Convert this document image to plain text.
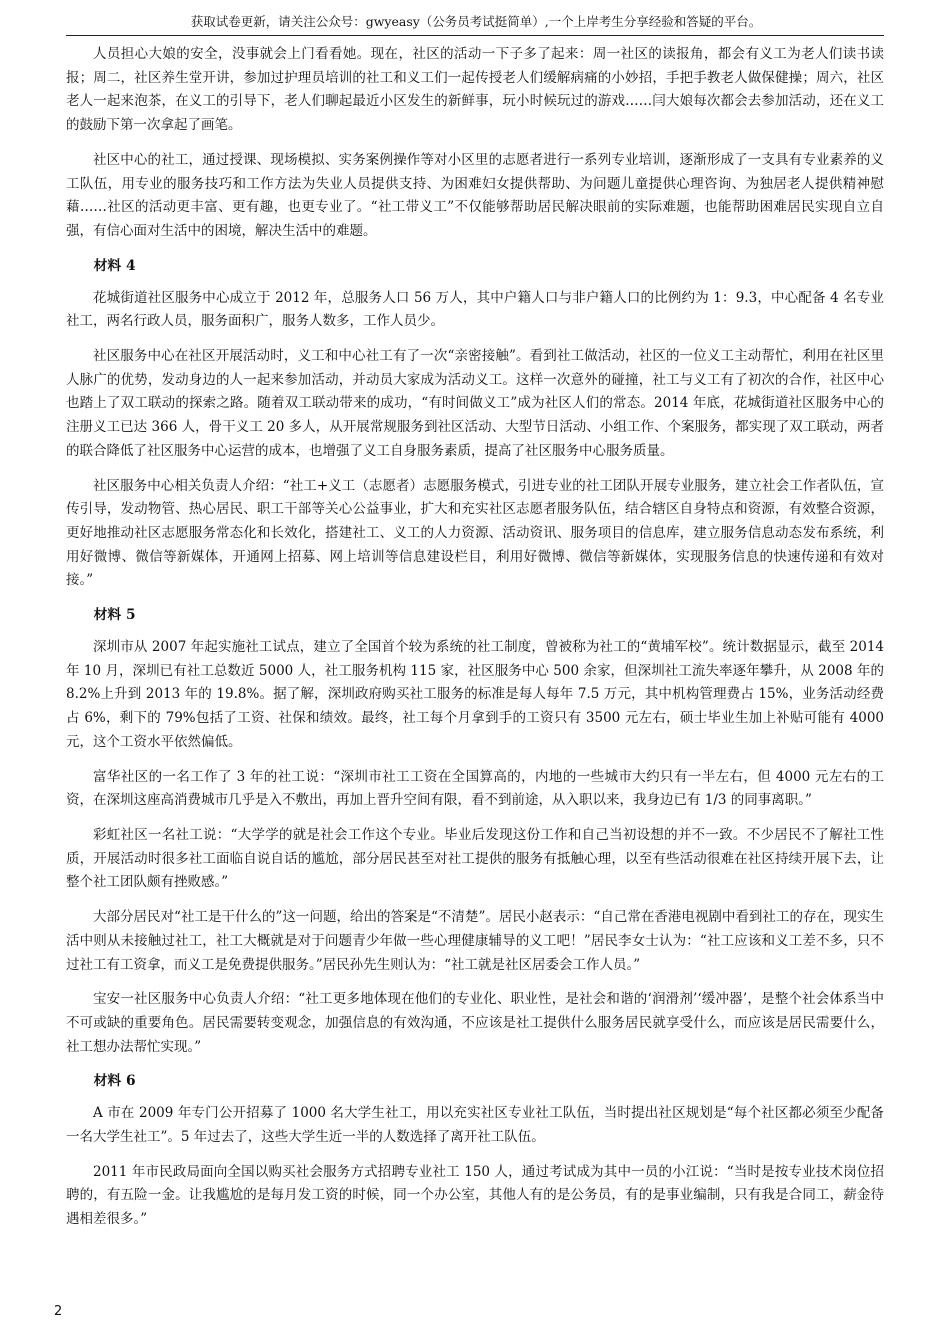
获取试卷更新，请关注公众号：gwyeasy（公务员考试挺简单）,一个上岸考生分享经验和答疑的平台。

人员担心大娘的安全，没事就会上门看看她。现在，社区的活动一下子多了起来：周一社区的读报角，都会有义工为老人们读书读报；周二，社区养生堂开讲，参加过护理员培训的社工和义工们一起传授老人们缓解病痛的小妙招，手把手教老人做保健操；周六，社区老人一起来泡茶，在义工的引导下，老人们聊起最近小区发生的新鲜事，玩小时候玩过的游戏……闫大娘每次都会去参加活动，还在义工的鼓励下第一次拿起了画笔。

社区中心的社工，通过授课、现场模拟、实务案例操作等对小区里的志愿者进行一系列专业培训，逐渐形成了一支具有专业素养的义工队伍，用专业的服务技巧和工作方法为失业人员提供支持、为困难妇女提供帮助、为问题儿童提供心理咨询、为独居老人提供精神慰藉……社区的活动更丰富、更有趣，也更专业了。“社工带义工”不仅能够帮助居民解决眼前的实际难题，也能帮助困难居民实现自立自强，有信心面对生活中的困境，解决生活中的难题。

材料 4

花城街道社区服务中心成立于 2012 年，总服务人口 56 万人，其中户籍人口与非户籍人口的比例约为 1：9.3，中心配备 4 名专业社工，两名行政人员，服务面积广，服务人数多，工作人员少。

社区服务中心在社区开展活动时，义工和中心社工有了一次“亲密接触”。看到社工做活动，社区的一位义工主动帮忙，利用在社区里人脉广的优势，发动身边的人一起来参加活动，并动员大家成为活动义工。这样一次意外的碰撞，社工与义工有了初次的合作，社区中心也踏上了双工联动的探索之路。随着双工联动带来的成功，“有时间做义工”成为社区人们的常态。2014 年底，花城街道社区服务中心的注册义工已达 366 人，骨干义工 20 多人，从开展常规服务到社区活动、大型节日活动、小组工作、个案服务，都实现了双工联动，两者的联合降低了社区服务中心运营的成本，也增强了义工自身服务素质，提高了社区服务中心服务质量。

社区服务中心相关负责人介绍：“社工+义工（志愿者）志愿服务模式，引进专业的社工团队开展专业服务，建立社会工作者队伍，宣传引导，发动物管、热心居民、职工干部等关心公益事业，扩大和充实社区志愿者服务队伍，结合辖区自身特点和资源，有效整合资源，更好地推动社区志愿服务常态化和长效化，搭建社工、义工的人力资源、活动资讯、服务项目的信息库，建立服务信息动态发布系统，利用好微博、微信等新媒体，开通网上招募、网上培训等信息建设栏目，利用好微博、微信等新媒体，实现服务信息的快速传递和有效对接。”

材料 5

深圳市从 2007 年起实施社工试点，建立了全国首个较为系统的社工制度，曾被称为社工的“黄埔军校”。统计数据显示，截至 2014 年 10 月，深圳已有社工总数近 5000 人，社工服务机构 115 家，社区服务中心 500 余家，但深圳社工流失率逐年攀升，从 2008 年的 8.2%上升到 2013 年的 19.8%。据了解，深圳政府购买社工服务的标准是每人每年 7.5 万元，其中机构管理费占 15%，业务活动经费占 6%，剩下的 79%包括了工资、社保和绩效。最终，社工每个月拿到手的工资只有 3500 元左右，硕士毕业生加上补贴可能有 4000 元，这个工资水平依然偏低。

富华社区的一名工作了 3 年的社工说：“深圳市社工工资在全国算高的，内地的一些城市大约只有一半左右，但 4000 元左右的工资，在深圳这座高消费城市几乎是入不敷出，再加上晋升空间有限，看不到前途，从入职以来，我身边已有 1/3 的同事离职。”

彩虹社区一名社工说：“大学学的就是社会工作这个专业。毕业后发现这份工作和自己当初设想的并不一致。不少居民不了解社工性质，开展活动时很多社工面临自说自话的尴尬，部分居民甚至对社工提供的服务有抵触心理，以至有些活动很难在社区持续开展下去，让整个社工团队颇有挫败感。”

大部分居民对“社工是干什么的”这一问题，给出的答案是“不清楚”。居民小赵表示：“自己常在香港电视剧中看到社工的存在，现实生活中则从未接触过社工，社工大概就是对于问题青少年做一些心理健康辅导的义工吧！”居民李女士认为：“社工应该和义工差不多，只不过社工有工资拿，而义工是免费提供服务。”居民孙先生则认为：“社工就是社区居委会工作人员。”

宝安一社区服务中心负责人介绍：“社工更多地体现在他们的专业化、职业性，是社会和谐的‘润滑剂’‘缓冲器’，是整个社会体系当中不可或缺的重要角色。居民需要转变观念，加强信息的有效沟通，不应该是社工提供什么服务居民就享受什么，而应该是居民需要什么，社工想办法帮忙实现。”

材料 6

A 市在 2009 年专门公开招募了 1000 名大学生社工，用以充实社区专业社工队伍，当时提出社区规划是“每个社区都必须至少配备一名大学生社工”。5 年过去了，这些大学生近一半的人数选择了离开社工队伍。

2011 年市民政局面向全国以购买社会服务方式招聘专业社工 150 人，通过考试成为其中一员的小江说：“当时是按专业技术岗位招聘的，有五险一金。让我尴尬的是每月发工资的时候，同一个办公室，其他人有的是公务员，有的是事业编制，只有我是合同工，薪金待遇相差很多。”

2
